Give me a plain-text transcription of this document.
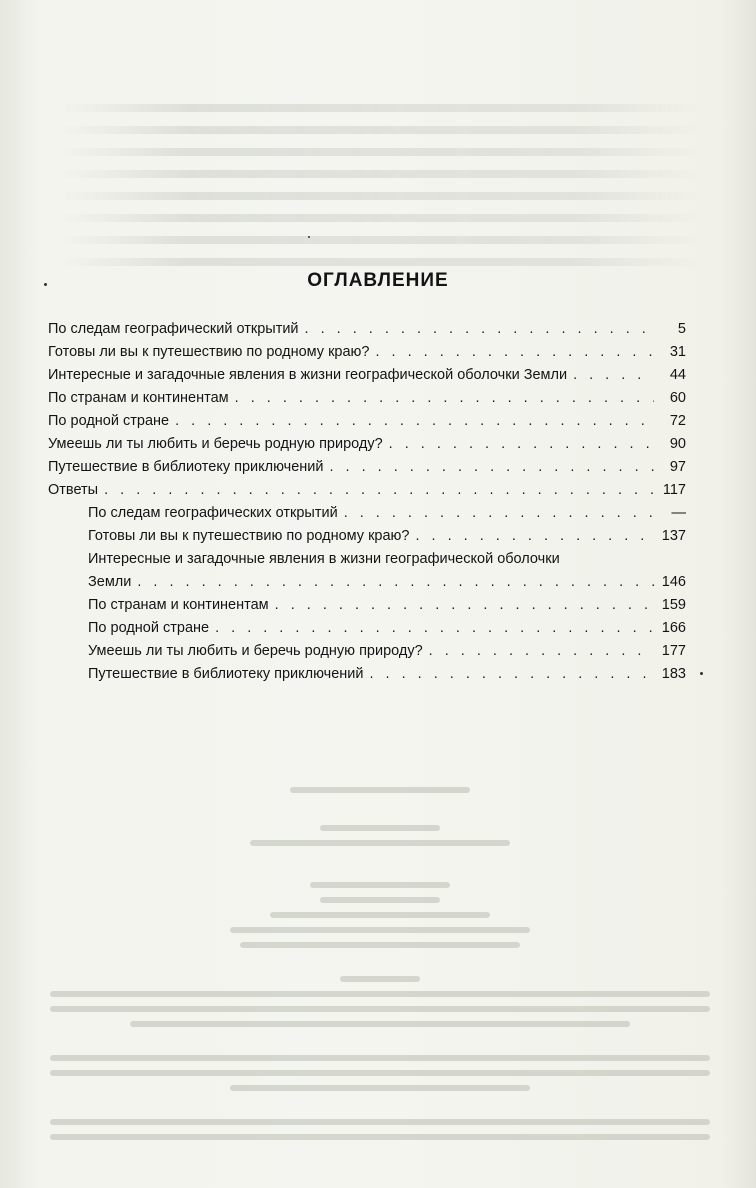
ОГЛАВЛЕНИЕ
По следам географический открытий . . .	5
Готовы ли вы к путешествию по родному краю? . . .	31
Интересные и загадочные явления в жизни географической оболочки Земли . . .	44
По странам и континентам . . .	60
По родной стране . . .	72
Умеешь ли ты любить и беречь родную природу? . . .	90
Путешествие в библиотеку приключений . . .	97
Ответы . . .	117
По следам географических открытий . . .	—
Готовы ли вы к путешествию по родному краю? . . .	137
Интересные и загадочные явления в жизни географической оболочки
Земли . . .	146
По странам и континентам . . .	159
По родной стране . . .	166
Умеешь ли ты любить и беречь родную природу? . . .	177
Путешествие в библиотеку приключений . . .	183
